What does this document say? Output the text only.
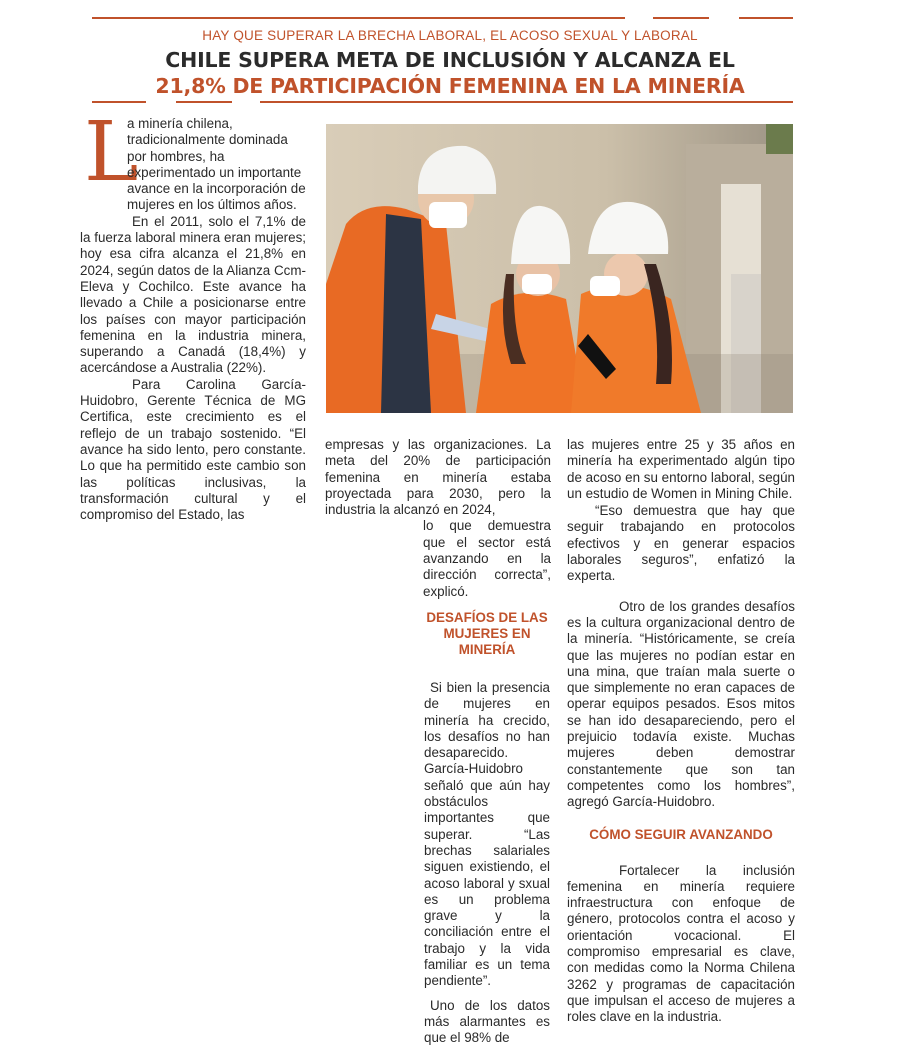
HAY QUE SUPERAR LA BRECHA LABORAL, EL ACOSO SEXUAL Y LABORAL
CHILE SUPERA META DE INCLUSIÓN Y ALCANZA EL
21,8% DE PARTICIPACIÓN FEMENINA EN LA MINERÍA
L

a minería chilena, tradicionalmente dominada por hombres, ha experimentado un importante avance en la incorporación de mujeres en los últimos años.

En el 2011, solo el 7,1% de la fuerza laboral minera eran mujeres; hoy esa cifra alcanza el 21,8% en 2024, según datos de la Alianza Ccm-Eleva y Cochilco. Este avance ha llevado a Chile a posicionarse entre los países con mayor participación femenina en la industria minera, superando a Canadá (18,4%) y acercándose a Australia (22%).

Para Carolina García-Huidobro, Gerente Técnica de MG Certifica, este crecimiento es el reflejo de un trabajo sostenido. “El avance ha sido lento, pero constante. Lo que ha permitido este cambio son las políticas inclusivas, la transformación cultural y el compromiso del Estado, las

empresas y las organizaciones. La meta del 20% de participación femenina en minería estaba proyectada para 2030, pero la industria la alcanzó en 2024,

lo que demuestra que el sector está avanzando en la dirección correcta”, explicó.

DESAFÍOS DE LAS MUJERES EN MINERÍA

Si bien la presencia de mujeres en minería ha crecido, los desafíos no han desaparecido. García-Huidobro señaló que aún hay obstáculos importantes que superar. “Las brechas salariales siguen existiendo, el acoso laboral y sxual es un problema grave y la conciliación entre el trabajo y la vida familiar es un tema pendiente”.

Uno de los datos más alarmantes es que el 98% de

las mujeres entre 25 y 35 años en minería ha experimentado algún tipo de acoso en su entorno laboral, según un estudio de Women in Mining Chile.

“Eso demuestra que hay que seguir trabajando en protocolos efectivos y en generar espacios laborales seguros”, enfatizó la experta.

Otro de los grandes desafíos es la cultura organizacional dentro de la minería. “Históricamente, se creía que las mujeres no podían estar en una mina, que traían mala suerte o que simplemente no eran capaces de operar equipos pesados. Esos mitos se han ido desapareciendo, pero el prejuicio todavía existe. Muchas mujeres deben demostrar constantemente que son tan competentes como los hombres”, agregó García-Huidobro.

CÓMO SEGUIR AVANZANDO

Fortalecer la inclusión femenina en minería requiere infraestructura con enfoque de género, protocolos contra el acoso y orientación vocacional. El compromiso empresarial es clave, con medidas como la Norma Chilena 3262 y programas de capacitación que impulsan el acceso de mujeres a roles clave en la industria.
